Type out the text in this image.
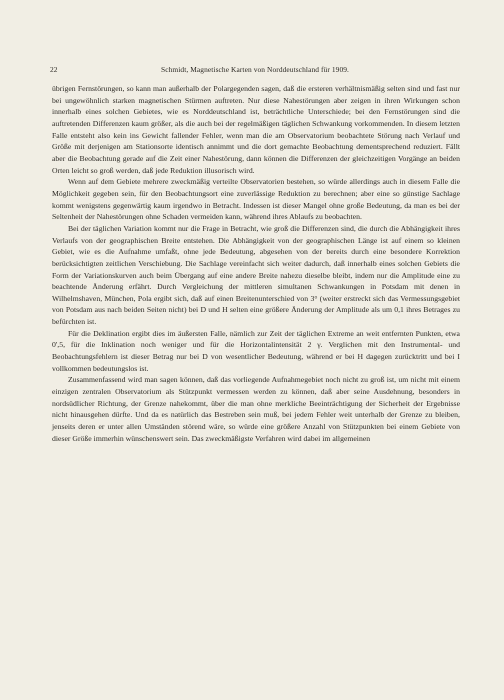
22	Schmidt, Magnetische Karten von Norddeutschland für 1909.

übrigen Fernstörungen, so kann man außerhalb der Polargegenden sagen, daß die ersteren verhältnismäßig selten sind und fast nur bei ungewöhnlich starken magnetischen Stürmen auftreten. Nur diese Nahestörungen aber zeigen in ihren Wirkungen schon innerhalb eines solchen Gebietes, wie es Norddeutschland ist, beträchtliche Unterschiede; bei den Fernstörungen sind die auftretenden Differenzen kaum größer, als die auch bei der regelmäßigen täglichen Schwankung vorkommenden. In diesem letzten Falle entsteht also kein ins Gewicht fallender Fehler, wenn man die am Observatorium beobachtete Störung nach Verlauf und Größe mit derjenigen am Stationsorte identisch annimmt und die dort gemachte Beobachtung dementsprechend reduziert. Fällt aber die Beobachtung gerade auf die Zeit einer Nahestörung, dann können die Differenzen der gleichzeitigen Vorgänge an beiden Orten leicht so groß werden, daß jede Reduktion illusorisch wird.

Wenn auf dem Gebiete mehrere zweckmäßig verteilte Observatorien bestehen, so würde allerdings auch in diesem Falle die Möglichkeit gegeben sein, für den Beobachtungsort eine zuverlässige Reduktion zu berechnen; aber eine so günstige Sachlage kommt wenigstens gegenwärtig kaum irgendwo in Betracht. Indessen ist dieser Mangel ohne große Bedeutung, da man es bei der Seltenheit der Nahestörungen ohne Schaden vermeiden kann, während ihres Ablaufs zu beobachten.

Bei der täglichen Variation kommt nur die Frage in Betracht, wie groß die Differenzen sind, die durch die Abhängigkeit ihres Verlaufs von der geographischen Breite entstehen. Die Abhängigkeit von der geographischen Länge ist auf einem so kleinen Gebiet, wie es die Aufnahme umfaßt, ohne jede Bedeutung, abgesehen von der bereits durch eine besondere Korrektion berücksichtigten zeitlichen Verschiebung. Die Sachlage vereinfacht sich weiter dadurch, daß innerhalb eines solchen Gebiets die Form der Variationskurven auch beim Übergang auf eine andere Breite nahezu dieselbe bleibt, indem nur die Amplitude eine zu beachtende Änderung erfährt. Durch Vergleichung der mittleren simultanen Schwankungen in Potsdam mit denen in Wilhelmshaven, München, Pola ergibt sich, daß auf einen Breitenunterschied von 3° (weiter erstreckt sich das Vermessungsgebiet von Potsdam aus nach beiden Seiten nicht) bei D und H selten eine größere Änderung der Amplitude als um 0,1 ihres Betrages zu befürchten ist.

Für die Deklination ergibt dies im äußersten Falle, nämlich zur Zeit der täglichen Extreme an weit entfernten Punkten, etwa 0',5, für die Inklination noch weniger und für die Horizontalintensität 2 γ. Verglichen mit den Instrumental- und Beobachtungsfehlern ist dieser Betrag nur bei D von wesentlicher Bedeutung, während er bei H dagegen zurücktritt und bei I vollkommen bedeutungslos ist.

Zusammenfassend wird man sagen können, daß das vorliegende Aufnahmegebiet noch nicht zu groß ist, um nicht mit einem einzigen zentralen Observatorium als Stützpunkt vermessen werden zu können, daß aber seine Ausdehnung, besonders in nordsüdlicher Richtung, der Grenze nahekommt, über die man ohne merkliche Beeinträchtigung der Sicherheit der Ergebnisse nicht hinausgehen dürfte. Und da es natürlich das Bestreben sein muß, bei jedem Fehler weit unterhalb der Grenze zu bleiben, jenseits deren er unter allen Umständen störend wäre, so würde eine größere Anzahl von Stützpunkten bei einem Gebiete von dieser Größe immerhin wünschenswert sein. Das zweckmäßigste Verfahren wird dabei im allgemeinen
